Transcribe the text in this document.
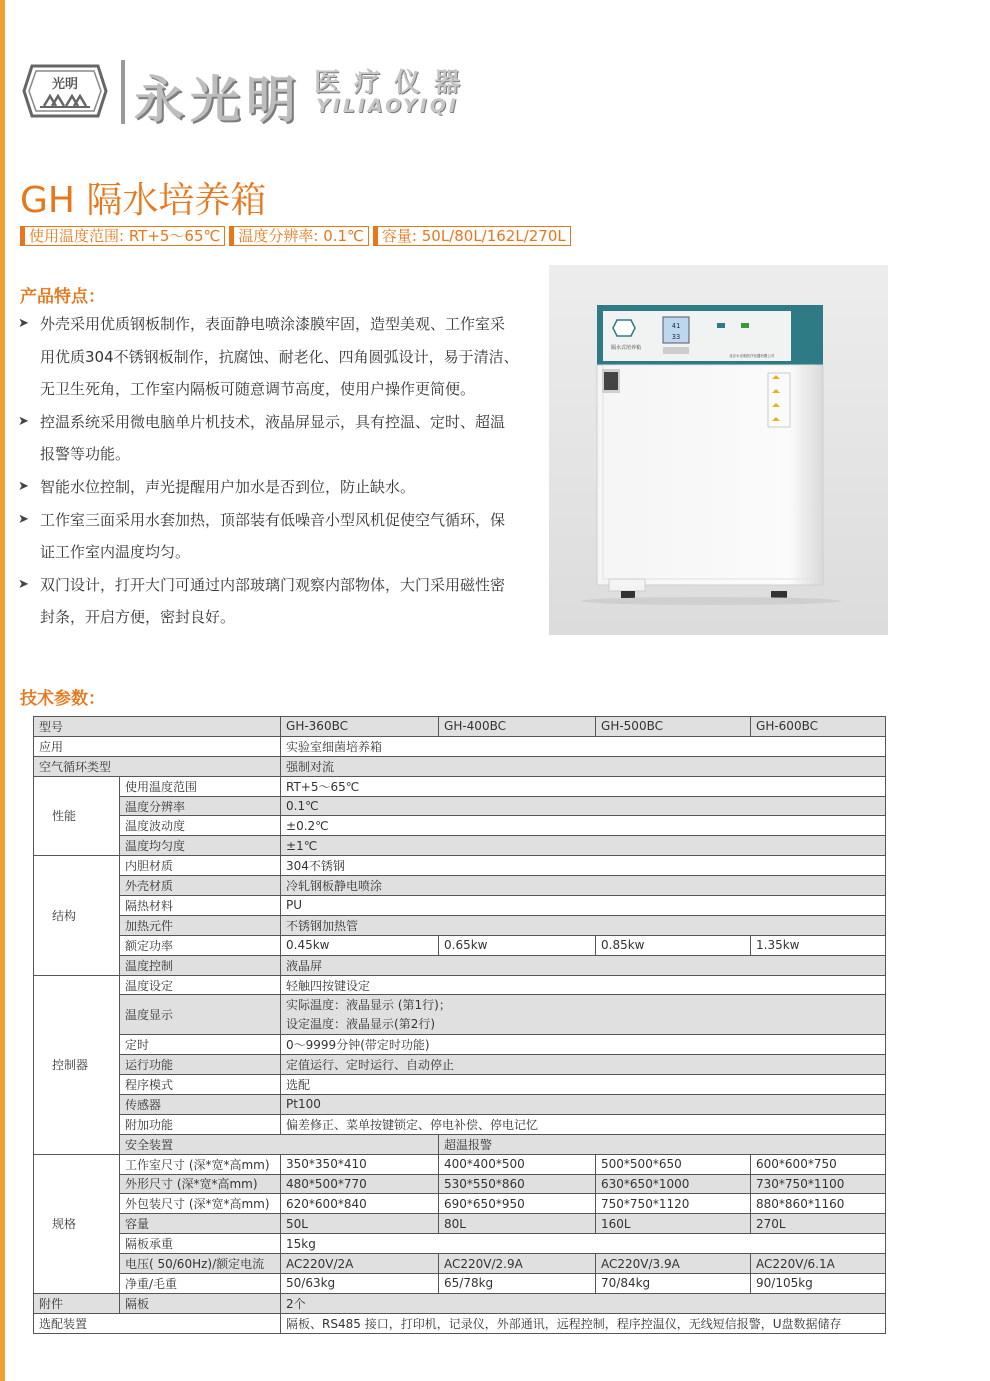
光明 永光明 医疗仪器
YILIAOYIQI
GH 隔水培养箱
使用温度范围: RT+5～65℃	温度分辨率: 0.1℃	容量: 50L/80L/162L/270L
产品特点：
➤ 外壳采用优质钢板制作，表面静电喷涂漆膜牢固，造型美观、工作室采
用优质304不锈钢板制作，抗腐蚀、耐老化、四角圆弧设计，易于清洁、
无卫生死角，工作室内隔板可随意调节高度，使用户操作更简便。
➤ 控温系统采用微电脑单片机技术，液晶屏显示，具有控温、定时、超温
报警等功能。
➤ 智能水位控制，声光提醒用户加水是否到位，防止缺水。
➤ 工作室三面采用水套加热，顶部装有低噪音小型风机促使空气循环，保
证工作室内温度均匀。
➤ 双门设计，打开大门可通过内部玻璃门观察内部物体，大门采用磁性密
封条，开启方便，密封良好。
隔水式培养箱
41
33
北京永光明医疗仪器有限公司
技术参数：
型号		GH-360BC	GH-400BC	GH-500BC	GH-600BC
应用		实验室细菌培养箱			
空气循环类型		强制对流			
性能	使用温度范围	RT+5～65℃			
	温度分辨率	0.1℃			
	温度波动度	±0.2℃			
	温度均匀度	±1℃			
结构	内胆材质	304不锈钢			
	外壳材质	冷轧钢板静电喷涂			
	隔热材料	PU			
	加热元件	不锈钢加热管			
	额定功率	0.45kw	0.65kw	0.85kw	1.35kw
	温度控制	液晶屏			
控制器	温度设定	轻触四按键设定			
	温度显示	实际温度：液晶显示 (第1行)；
设定温度：液晶显示(第2行)			

	定时	0～9999分钟(带定时功能)			
	运行功能	定值运行、定时运行、自动停止			
	程序模式	选配			
	传感器	Pt100			
	附加功能	偏差修正、菜单按键锁定、停电补偿、停电记忆			
	安全装置		超温报警		
规格	工作室尺寸 (深*宽*高mm)	350*350*410	400*400*500	500*500*650	600*600*750
	外形尺寸 (深*宽*高mm)	480*500*770	530*550*860	630*650*1000	730*750*1100
	外包装尺寸 (深*宽*高mm)	620*600*840	690*650*950	750*750*1120	880*860*1160
	容量	50L	80L	160L	270L
	隔板承重	15kg			
	电压( 50/60Hz)/额定电流	AC220V/2A	AC220V/2.9A	AC220V/3.9A	AC220V/6.1A
	净重/毛重	50/63kg	65/78kg	70/84kg	90/105kg
附件	隔板	2个			
选配装置		隔板、RS485 接口，打印机，记录仪，外部通讯，远程控制，程序控温仪，无线短信报警，U盘数据储存			
